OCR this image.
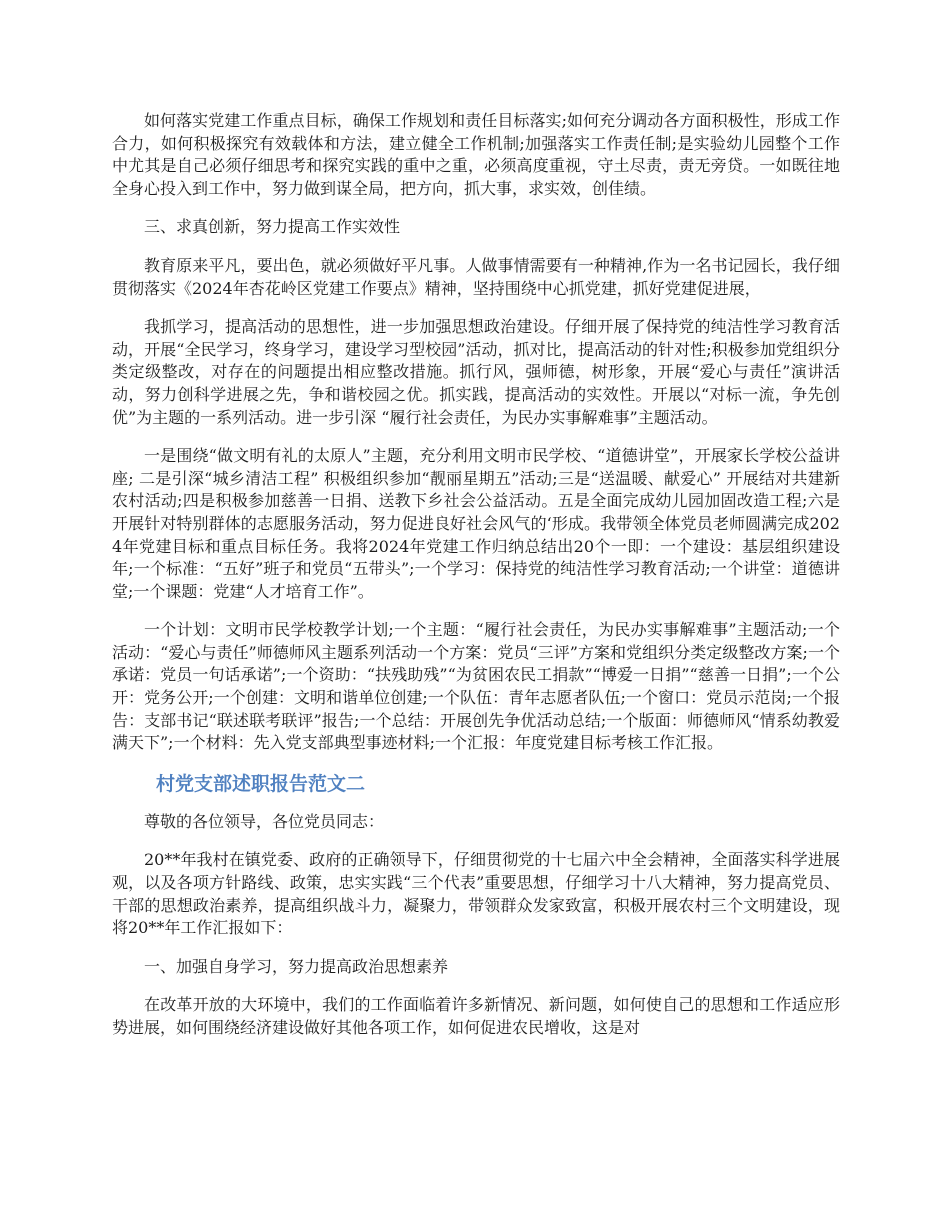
如何落实党建工作重点目标，确保工作规划和责任目标落实;如何充分调动各方面积极性，形成工作合力，如何积极探究有效载体和方法，建立健全工作机制;加强落实工作责任制;是实验幼儿园整个工作中尤其是自己必须仔细思考和探究实践的重中之重，必须高度重视，守土尽责，责无旁贷。一如既往地全身心投入到工作中，努力做到谋全局，把方向，抓大事，求实效，创佳绩。

三、求真创新，努力提高工作实效性

教育原来平凡，要出色，就必须做好平凡事。人做事情需要有一种精神,作为一名书记园长，我仔细贯彻落实《2024年杏花岭区党建工作要点》精神，坚持围绕中心抓党建，抓好党建促进展，

我抓学习，提高活动的思想性，进一步加强思想政治建设。仔细开展了保持党的纯洁性学习教育活动，开展“全民学习，终身学习，建设学习型校园”活动，抓对比，提高活动的针对性;积极参加党组织分类定级整改，对存在的问题提出相应整改措施。抓行风，强师德，树形象，开展“爱心与责任”演讲活动，努力创科学进展之先，争和谐校园之优。抓实践，提高活动的实效性。开展以“对标一流，争先创优”为主题的一系列活动。进一步引深 “履行社会责任，为民办实事解难事”主题活动。

一是围绕“做文明有礼的太原人”主题，充分利用文明市民学校、“道德讲堂”，开展家长学校公益讲座; 二是引深“城乡清洁工程” 积极组织参加“靓丽星期五”活动;三是“送温暖、献爱心” 开展结对共建新农村活动;四是积极参加慈善一日捐、送教下乡社会公益活动。五是全面完成幼儿园加固改造工程;六是开展针对特别群体的志愿服务活动，努力促进良好社会风气的‘形成。我带领全体党员老师圆满完成2024年党建目标和重点目标任务。我将2024年党建工作归纳总结出20个一即：一个建设：基层组织建设年;一个标准：“五好”班子和党员“五带头”;一个学习：保持党的纯洁性学习教育活动;一个讲堂：道德讲堂;一个课题：党建“人才培育工作”。

一个计划：文明市民学校教学计划;一个主题：“履行社会责任，为民办实事解难事”主题活动;一个活动：“爱心与责任”师德师风主题系列活动一个方案：党员“三评”方案和党组织分类定级整改方案;一个承诺：党员一句话承诺”;一个资助：“扶残助残”“为贫困农民工捐款”“博爱一日捐”“慈善一日捐”;一个公开：党务公开;一个创建：文明和谐单位创建;一个队伍：青年志愿者队伍;一个窗口：党员示范岗;一个报告：支部书记“联述联考联评”报告;一个总结：开展创先争优活动总结;一个版面：师德师风“情系幼教爱满天下”;一个材料：先入党支部典型事迹材料;一个汇报：年度党建目标考核工作汇报。

村党支部述职报告范文二

尊敬的各位领导，各位党员同志：

20**年我村在镇党委、政府的正确领导下，仔细贯彻党的十七届六中全会精神，全面落实科学进展观，以及各项方针路线、政策，忠实实践“三个代表”重要思想，仔细学习十八大精神，努力提高党员、干部的思想政治素养，提高组织战斗力，凝聚力，带领群众发家致富，积极开展农村三个文明建设，现将20**年工作汇报如下：

一、加强自身学习，努力提高政治思想素养

在改革开放的大环境中，我们的工作面临着许多新情况、新问题，如何使自己的思想和工作适应形势进展，如何围绕经济建设做好其他各项工作，如何促进农民增收，这是对
